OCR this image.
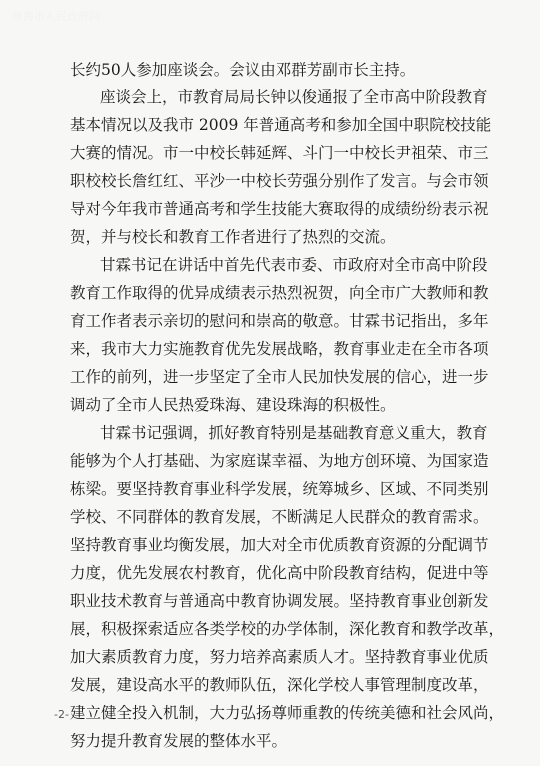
珠海市人民政府网
长约50人参加座谈会。会议由邓群芳副市长主持。
座谈会上，市教育局局长钟以俊通报了全市高中阶段教育
基本情况以及我市 2009 年普通高考和参加全国中职院校技能
大赛的情况。市一中校长韩延辉、斗门一中校长尹祖荣、市三
职校校长詹红红、平沙一中校长劳强分别作了发言。与会市领
导对今年我市普通高考和学生技能大赛取得的成绩纷纷表示祝
贺，并与校长和教育工作者进行了热烈的交流。
甘霖书记在讲话中首先代表市委、市政府对全市高中阶段
教育工作取得的优异成绩表示热烈祝贺，向全市广大教师和教
育工作者表示亲切的慰问和崇高的敬意。甘霖书记指出，多年
来，我市大力实施教育优先发展战略，教育事业走在全市各项
工作的前列，进一步坚定了全市人民加快发展的信心，进一步
调动了全市人民热爱珠海、建设珠海的积极性。
甘霖书记强调，抓好教育特别是基础教育意义重大，教育
能够为个人打基础、为家庭谋幸福、为地方创环境、为国家造
栋梁。要坚持教育事业科学发展，统筹城乡、区域、不同类别
学校、不同群体的教育发展，不断满足人民群众的教育需求。
坚持教育事业均衡发展，加大对全市优质教育资源的分配调节
力度，优先发展农村教育，优化高中阶段教育结构，促进中等
职业技术教育与普通高中教育协调发展。坚持教育事业创新发
展，积极探索适应各类学校的办学体制，深化教育和教学改革，
加大素质教育力度，努力培养高素质人才。坚持教育事业优质
发展，建设高水平的教师队伍，深化学校人事管理制度改革，
建立健全投入机制，大力弘扬尊师重教的传统美德和社会风尚，
努力提升教育发展的整体水平。
-2-
